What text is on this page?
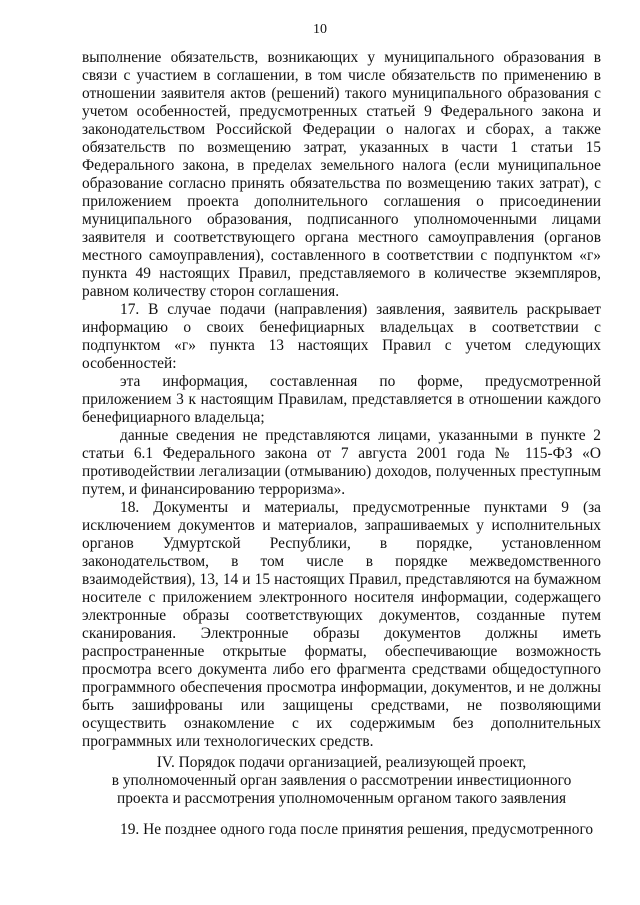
10

выполнение обязательств, возникающих у муниципального образования в связи с участием в соглашении, в том числе обязательств по применению в отношении заявителя актов (решений) такого муниципального образования с учетом особенностей, предусмотренных статьей 9 Федерального закона и законодательством Российской Федерации о налогах и сборах, а также обязательств по возмещению затрат, указанных в части 1 статьи 15 Федерального закона, в пределах земельного налога (если муниципальное образование согласно принять обязательства по возмещению таких затрат), с приложением проекта дополнительного соглашения о присоединении муниципального образования, подписанного уполномоченными лицами заявителя и соответствующего органа местного самоуправления (органов местного самоуправления), составленного в соответствии с подпунктом «г» пункта 49 настоящих Правил, представляемого в количестве экземпляров, равном количеству сторон соглашения.

17. В случае подачи (направления) заявления, заявитель раскрывает информацию о своих бенефициарных владельцах в соответствии с подпунктом «г» пункта 13 настоящих Правил с учетом следующих особенностей:

эта информация, составленная по форме, предусмотренной приложением 3 к настоящим Правилам, представляется в отношении каждого бенефициарного владельца;

данные сведения не представляются лицами, указанными в пункте 2 статьи 6.1 Федерального закона от 7 августа 2001 года № 115-ФЗ «О противодействии легализации (отмыванию) доходов, полученных преступным путем, и финансированию терроризма».

18. Документы и материалы, предусмотренные пунктами 9 (за исключением документов и материалов, запрашиваемых у исполнительных органов Удмуртской Республики, в порядке, установленном законодательством, в том числе в порядке межведомственного взаимодействия), 13, 14 и 15 настоящих Правил, представляются на бумажном носителе с приложением электронного носителя информации, содержащего электронные образы соответствующих документов, созданные путем сканирования. Электронные образы документов должны иметь распространенные открытые форматы, обеспечивающие возможность просмотра всего документа либо его фрагмента средствами общедоступного программного обеспечения просмотра информации, документов, и не должны быть зашифрованы или защищены средствами, не позволяющими осуществить ознакомление с их содержимым без дополнительных программных или технологических средств.

IV. Порядок подачи организацией, реализующей проект,
в уполномоченный орган заявления о рассмотрении инвестиционного
проекта и рассмотрения уполномоченным органом такого заявления

19. Не позднее одного года после принятия решения, предусмотренного
